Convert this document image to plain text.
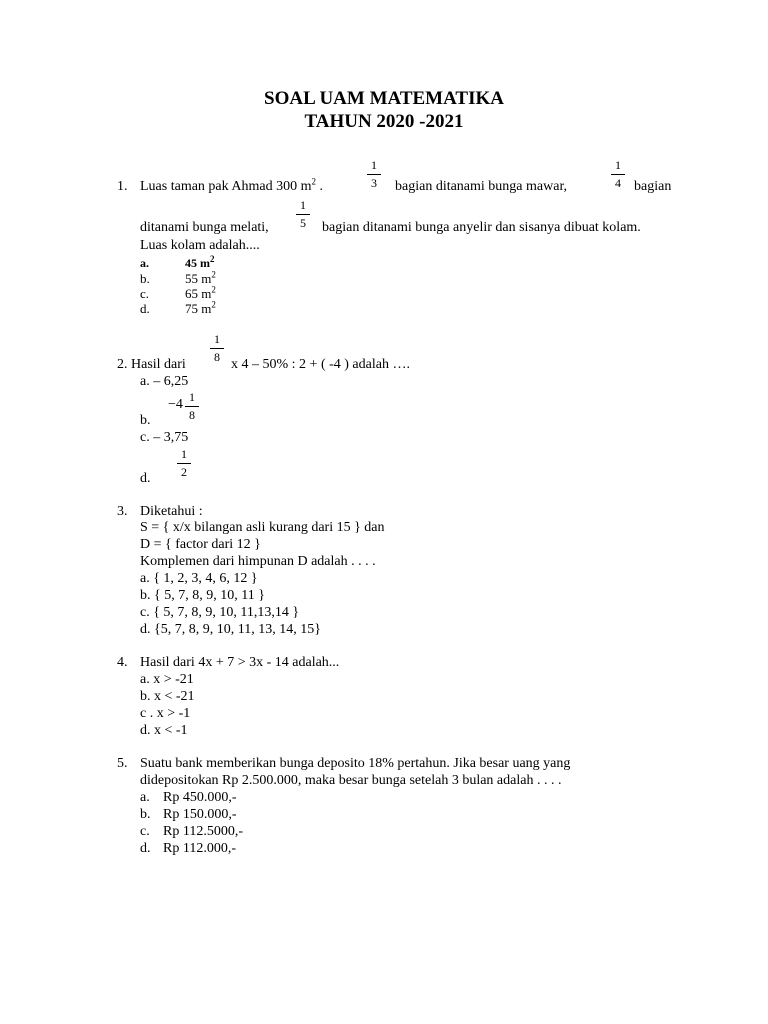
SOAL UAM MATEMATIKA
TAHUN 2020 -2021
1. Luas taman pak Ahmad 300 $m^2$ .
1
3 bagian ditanami bunga mawar,
1
4 bagian
ditanami bunga melati,
1
5 bagian ditanami bunga anyelir dan sisanya dibuat kolam.
Luas kolam adalah....
a.	45 $m^2$
b.	55 $m^2$
c.	65 $m^2$
d.	75 $m^2$
2. Hasil dari
1
8 x 4 – 50% : 2 + ( -4 ) adalah ….
a. – 6,25
−4 1
8
b.
c. – 3,75
1
2
d.
3. Diketahui :
S = { x/x bilangan asli kurang dari 15 } dan
D = { factor dari 12 }
Komplemen dari himpunan D adalah . . . .
a. { 1, 2, 3, 4, 6, 12 }
b. { 5, 7, 8, 9, 10, 11 }
c. { 5, 7, 8, 9, 10, 11,13,14 }
d. {5, 7, 8, 9, 10, 11, 13, 14, 15}
4. Hasil dari 4x + 7 > 3x - 14 adalah...
a. x > -21
b. x < -21
c . x > -1
d. x < -1
5. Suatu bank memberikan bunga deposito 18% pertahun. Jika besar uang yang
didepositokan Rp 2.500.000, maka besar bunga setelah 3 bulan adalah . . . .
a. Rp 450.000,-
b. Rp 150.000,-
c. Rp 112.5000,-
d. Rp 112.000,-
